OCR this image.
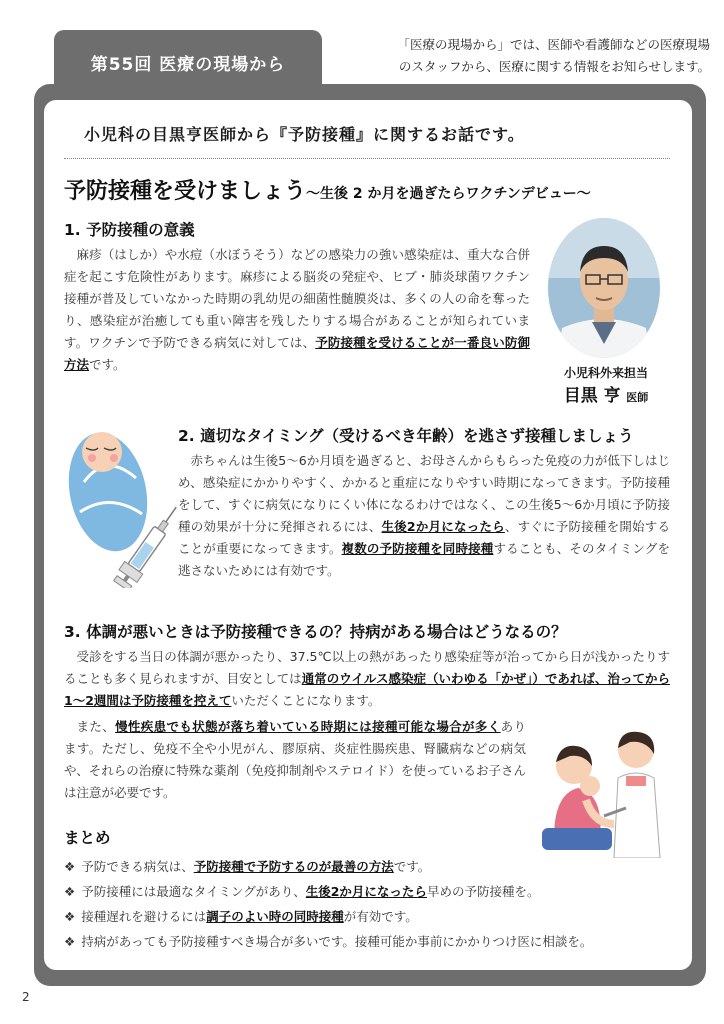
第55回 医療の現場から
「医療の現場から」では、医師や看護師などの医療現場
のスタッフから、医療に関する情報をお知らせします。
小児科の目黒亨医師から『予防接種』に関するお話です。
予防接種を受けましょう～生後 2 か月を過ぎたらワクチンデビュー～
1. 予防接種の意義
麻疹（はしか）や水痘（水ぼうそう）などの感染力の強い感染症は、重大な合併症を起こす危険性があります。麻疹による脳炎の発症や、ヒブ・肺炎球菌ワクチン接種が普及していなかった時期の乳幼児の細菌性髄膜炎は、多くの人の命を奪ったり、感染症が治癒しても重い障害を残したりする場合があることが知られています。ワクチンで予防できる病気に対しては、予防接種を受けることが一番良い防御方法です。
小児科外来担当
目黒 亨 医師
2. 適切なタイミング（受けるべき年齢）を逃さず接種しましょう
赤ちゃんは生後5～6か月頃を過ぎると、お母さんからもらった免疫の力が低下しはじめ、感染症にかかりやすく、かかると重症になりやすい時期になってきます。予防接種をして、すぐに病気になりにくい体になるわけではなく、この生後5～6か月頃に予防接種の効果が十分に発揮されるには、生後2か月になったら、すぐに予防接種を開始することが重要になってきます。複数の予防接種を同時接種することも、そのタイミングを逃さないためには有効です。
3. 体調が悪いときは予防接種できるの？持病がある場合はどうなるの？
受診をする当日の体調が悪かったり、37.5℃以上の熱があったり感染症等が治ってから日が浅かったりすることも多く見られますが、目安としては通常のウイルス感染症（いわゆる「かぜ」）であれば、治ってから1～2週間は予防接種を控えていただくことになります。
また、慢性疾患でも状態が落ち着いている時期には接種可能な場合が多くあります。ただし、免疫不全や小児がん、膠原病、炎症性腸疾患、腎臓病などの病気や、それらの治療に特殊な薬剤（免疫抑制剤やステロイド）を使っているお子さんは注意が必要です。
まとめ
❖ 予防できる病気は、予防接種で予防するのが最善の方法です。
❖ 予防接種には最適なタイミングがあり、生後2か月になったら早めの予防接種を。
❖ 接種遅れを避けるには調子のよい時の同時接種が有効です。
❖ 持病があっても予防接種すべき場合が多いです。接種可能か事前にかかりつけ医に相談を。
2
